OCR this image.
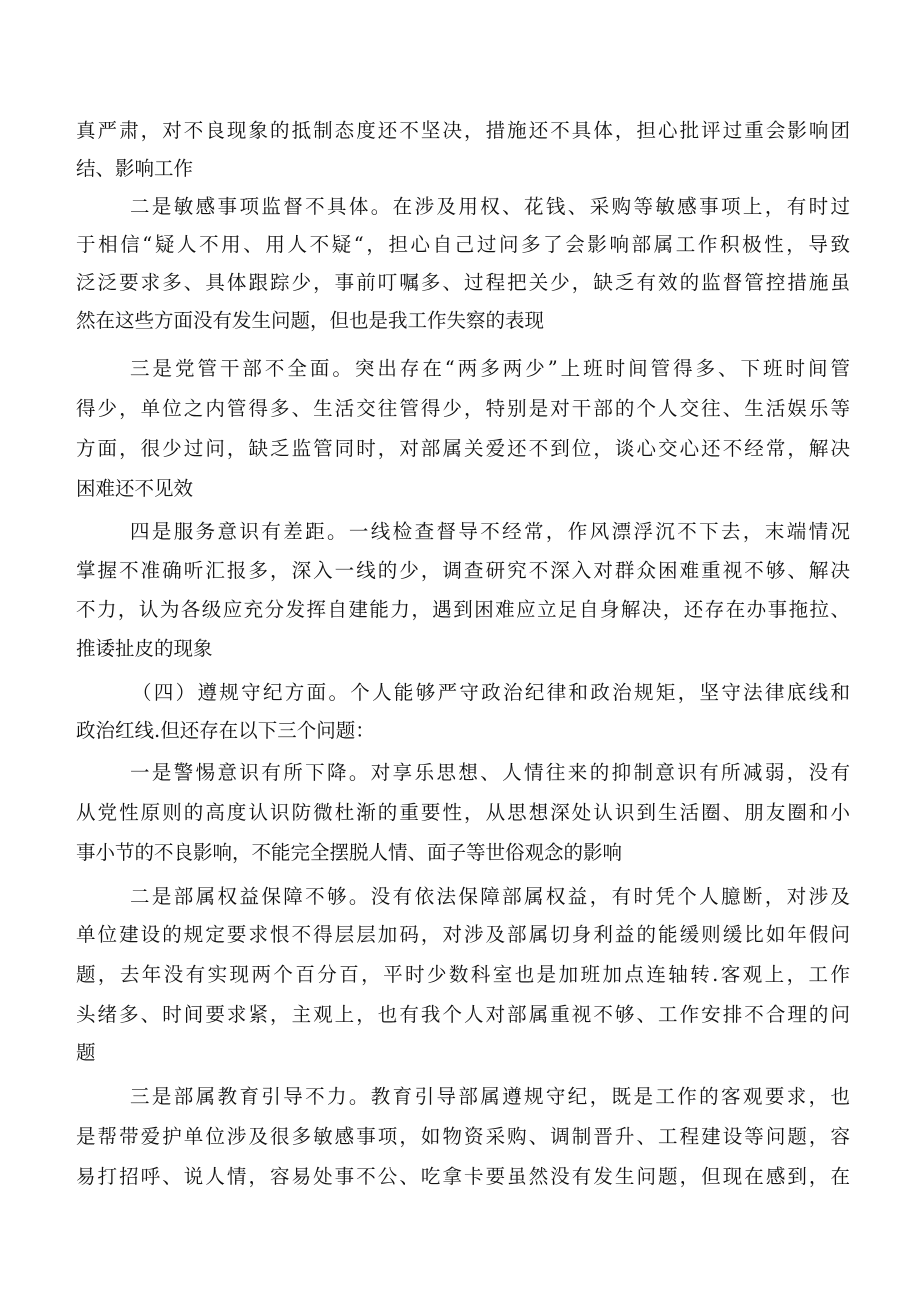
真严肃，对不良现象的抵制态度还不坚决，措施还不具体，担心批评过重会影响团
结、影响工作
二是敏感事项监督不具体。在涉及用权、花钱、采购等敏感事项上，有时过
于相信“疑人不用、用人不疑“，担心自己过问多了会影响部属工作积极性，导致
泛泛要求多、具体跟踪少，事前叮嘱多、过程把关少，缺乏有效的监督管控措施虽
然在这些方面没有发生问题，但也是我工作失察的表现
三是党管干部不全面。突出存在“两多两少”上班时间管得多、下班时间管
得少，单位之内管得多、生活交往管得少，特别是对干部的个人交往、生活娱乐等
方面，很少过问，缺乏监管同时，对部属关爱还不到位，谈心交心还不经常，解决
困难还不见效
四是服务意识有差距。一线检查督导不经常，作风漂浮沉不下去，末端情况
掌握不准确听汇报多，深入一线的少，调查研究不深入对群众困难重视不够、解决
不力，认为各级应充分发挥自建能力，遇到困难应立足自身解决，还存在办事拖拉、
推诿扯皮的现象
（四）遵规守纪方面。个人能够严守政治纪律和政治规矩，坚守法律底线和
政治红线.但还存在以下三个问题：
一是警惕意识有所下降。对享乐思想、人情往来的抑制意识有所减弱，没有
从党性原则的高度认识防微杜渐的重要性，从思想深处认识到生活圈、朋友圈和小
事小节的不良影响，不能完全摆脱人情、面子等世俗观念的影响
二是部属权益保障不够。没有依法保障部属权益，有时凭个人臆断，对涉及
单位建设的规定要求恨不得层层加码，对涉及部属切身利益的能缓则缓比如年假问
题，去年没有实现两个百分百，平时少数科室也是加班加点连轴转.客观上，工作
头绪多、时间要求紧，主观上，也有我个人对部属重视不够、工作安排不合理的问
题
三是部属教育引导不力。教育引导部属遵规守纪，既是工作的客观要求，也
是帮带爱护单位涉及很多敏感事项，如物资采购、调制晋升、工程建设等问题，容
易打招呼、说人情，容易处事不公、吃拿卡要虽然没有发生问题，但现在感到，在
